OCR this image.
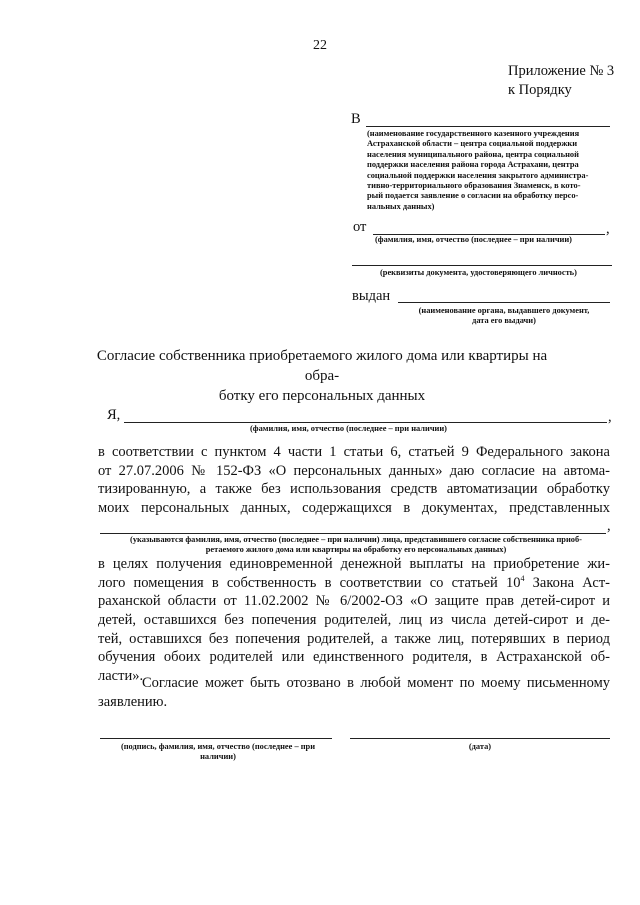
22
Приложение № 3
к Порядку
В
(наименование государственного казенного учреждения
Астраханской области – центра социальной поддержки
населения муниципального района, центра социальной
поддержки населения района города Астрахани, центра
социальной поддержки населения закрытого администра-
тивно-территориального образования Знаменск, в кото-
рый подается заявление о согласии на обработку персо-
нальных данных)
от	,
(фамилия, имя, отчество (последнее – при наличии)
(реквизиты документа, удостоверяющего личность)
выдан
(наименование органа, выдавшего документ,
дата его выдачи)
Согласие собственника приобретаемого жилого дома или квартиры на обра-
ботку его персональных данных
Я,	,
(фамилия, имя, отчество (последнее – при наличии)
в соответствии с пунктом 4 части 1 статьи 6, статьей 9 Федерального закона
от 27.07.2006 № 152-ФЗ «О персональных данных» даю согласие на автома-
тизированную, а также без использования средств автоматизации обработку
моих персональных данных, содержащихся в документах, представленных
,
(указываются фамилия, имя, отчество (последнее – при наличии) лица, представившего согласие собственника приоб-
ретаемого жилого дома или квартиры на обработку его персональных данных)
в целях получения единовременной денежной выплаты на приобретение жи-
лого помещения в собственность в соответствии со статьей $10^4$ Закона Аст-
раханской области от 11.02.2002 № 6/2002-ОЗ «О защите прав детей-сирот и
детей, оставшихся без попечения родителей, лиц из числа детей-сирот и де-
тей, оставшихся без попечения родителей, а также лиц, потерявших в период
обучения обоих родителей или единственного родителя, в Астраханской об-
ласти».
Согласие может быть отозвано в любой момент по моему письменному
заявлению.
(подпись, фамилия, имя, отчество (последнее – при
наличии)
(дата)
